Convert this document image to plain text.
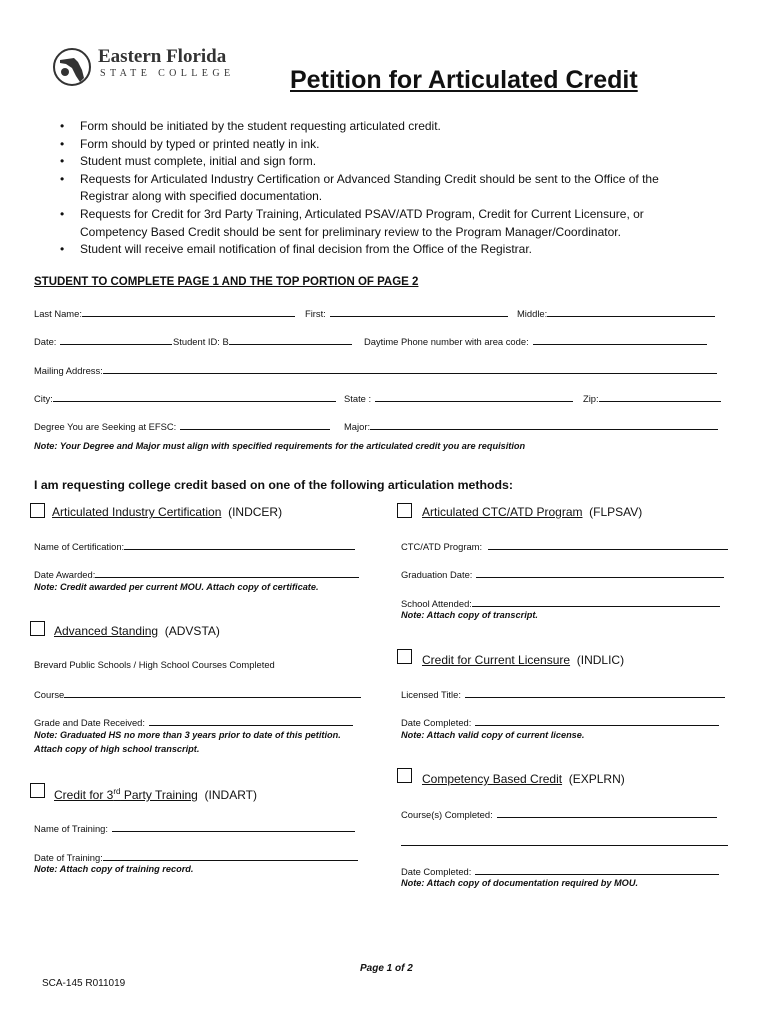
Eastern Florida
STATE COLLEGE Petition for Articulated Credit
• Form should be initiated by the student requesting articulated credit.
• Form should by typed or printed neatly in ink.
• Student must complete, initial and sign form.
• Requests for Articulated Industry Certification or Advanced Standing Credit should be sent to the Office of the Registrar along with specified documentation.
• Requests for Credit for 3rd Party Training, Articulated PSAV/ATD Program, Credit for Current Licensure, or Competency Based Credit should be sent for preliminary review to the Program Manager/Coordinator.
• Student will receive email notification of final decision from the Office of the Registrar.
STUDENT TO COMPLETE PAGE 1 AND THE TOP PORTION OF PAGE 2
Last Name:	First:	Middle:
Date:	Student ID: B	Daytime Phone number with area code:
Mailing Address:
City:	State :	Zip:
Degree You are Seeking at EFSC:	Major:
Note: Your Degree and Major must align with specified requirements for the articulated credit you are requisition
I am requesting college credit based on one of the following articulation methods:
Articulated Industry Certification (INDCER)
Name of Certification:
Date Awarded:
Note: Credit awarded per current MOU. Attach copy of certificate.
Advanced Standing (ADVSTA)
Brevard Public Schools / High School Courses Completed
Course
Grade and Date Received:
Note: Graduated HS no more than 3 years prior to date of this petition.
Attach copy of high school transcript.
Credit for 3rd Party Training (INDART)
Name of Training:
Date of Training:
Note: Attach copy of training record.
Articulated CTC/ATD Program (FLPSAV)
CTC/ATD Program:
Graduation Date:
School Attended:
Note: Attach copy of transcript.
Credit for Current Licensure (INDLIC)
Licensed Title:
Date Completed:
Note: Attach valid copy of current license.
Competency Based Credit (EXPLRN)
Course(s) Completed:
Date Completed:
Note: Attach copy of documentation required by MOU.
Page 1 of 2
SCA-145 R011019
